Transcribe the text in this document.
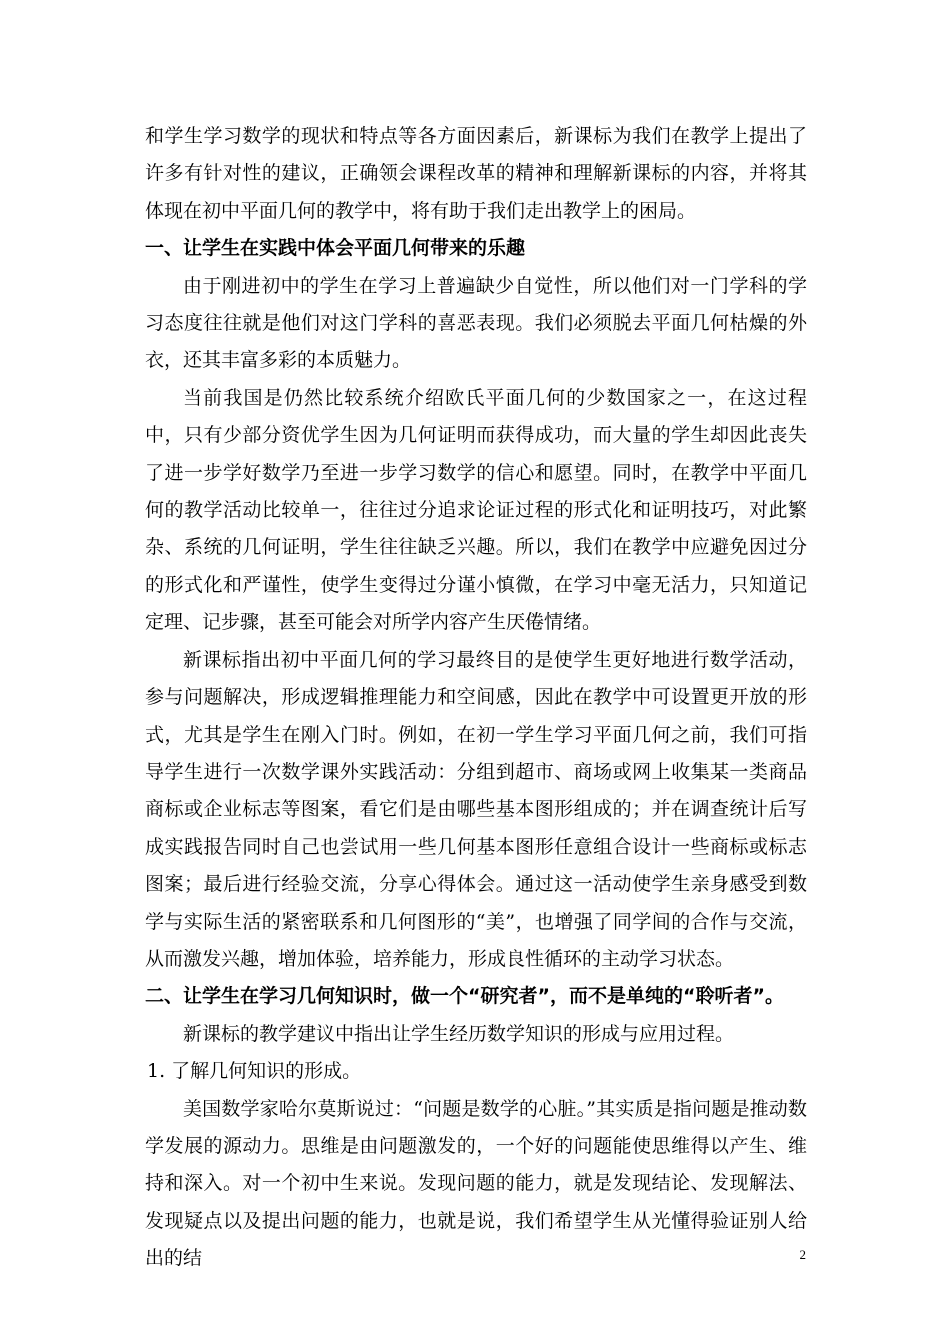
和学生学习数学的现状和特点等各方面因素后，新课标为我们在教学上提出了许多有针对性的建议，正确领会课程改革的精神和理解新课标的内容，并将其体现在初中平面几何的教学中，将有助于我们走出教学上的困局。

一、让学生在实践中体会平面几何带来的乐趣

由于刚进初中的学生在学习上普遍缺少自觉性，所以他们对一门学科的学习态度往往就是他们对这门学科的喜恶表现。我们必须脱去平面几何枯燥的外衣，还其丰富多彩的本质魅力。

当前我国是仍然比较系统介绍欧氏平面几何的少数国家之一，在这过程中，只有少部分资优学生因为几何证明而获得成功，而大量的学生却因此丧失了进一步学好数学乃至进一步学习数学的信心和愿望。同时，在教学中平面几何的教学活动比较单一，往往过分追求论证过程的形式化和证明技巧，对此繁杂、系统的几何证明，学生往往缺乏兴趣。所以，我们在教学中应避免因过分的形式化和严谨性，使学生变得过分谨小慎微，在学习中毫无活力，只知道记定理、记步骤，甚至可能会对所学内容产生厌倦情绪。

新课标指出初中平面几何的学习最终目的是使学生更好地进行数学活动，参与问题解决，形成逻辑推理能力和空间感，因此在教学中可设置更开放的形式，尤其是学生在刚入门时。例如，在初一学生学习平面几何之前，我们可指导学生进行一次数学课外实践活动：分组到超市、商场或网上收集某一类商品商标或企业标志等图案，看它们是由哪些基本图形组成的；并在调查统计后写成实践报告同时自己也尝试用一些几何基本图形任意组合设计一些商标或标志图案；最后进行经验交流，分享心得体会。通过这一活动使学生亲身感受到数学与实际生活的紧密联系和几何图形的“美”，也增强了同学间的合作与交流，从而激发兴趣，增加体验，培养能力，形成良性循环的主动学习状态。

二、让学生在学习几何知识时，做一个“研究者”，而不是单纯的“聆听者”。

新课标的教学建议中指出让学生经历数学知识的形成与应用过程。

1. 了解几何知识的形成。

美国数学家哈尔莫斯说过：“问题是数学的心脏。”其实质是指问题是推动数学发展的源动力。思维是由问题激发的，一个好的问题能使思维得以产生、维持和深入。对一个初中生来说。发现问题的能力，就是发现结论、发现解法、发现疑点以及提出问题的能力，也就是说，我们希望学生从光懂得验证别人给出的结	2
